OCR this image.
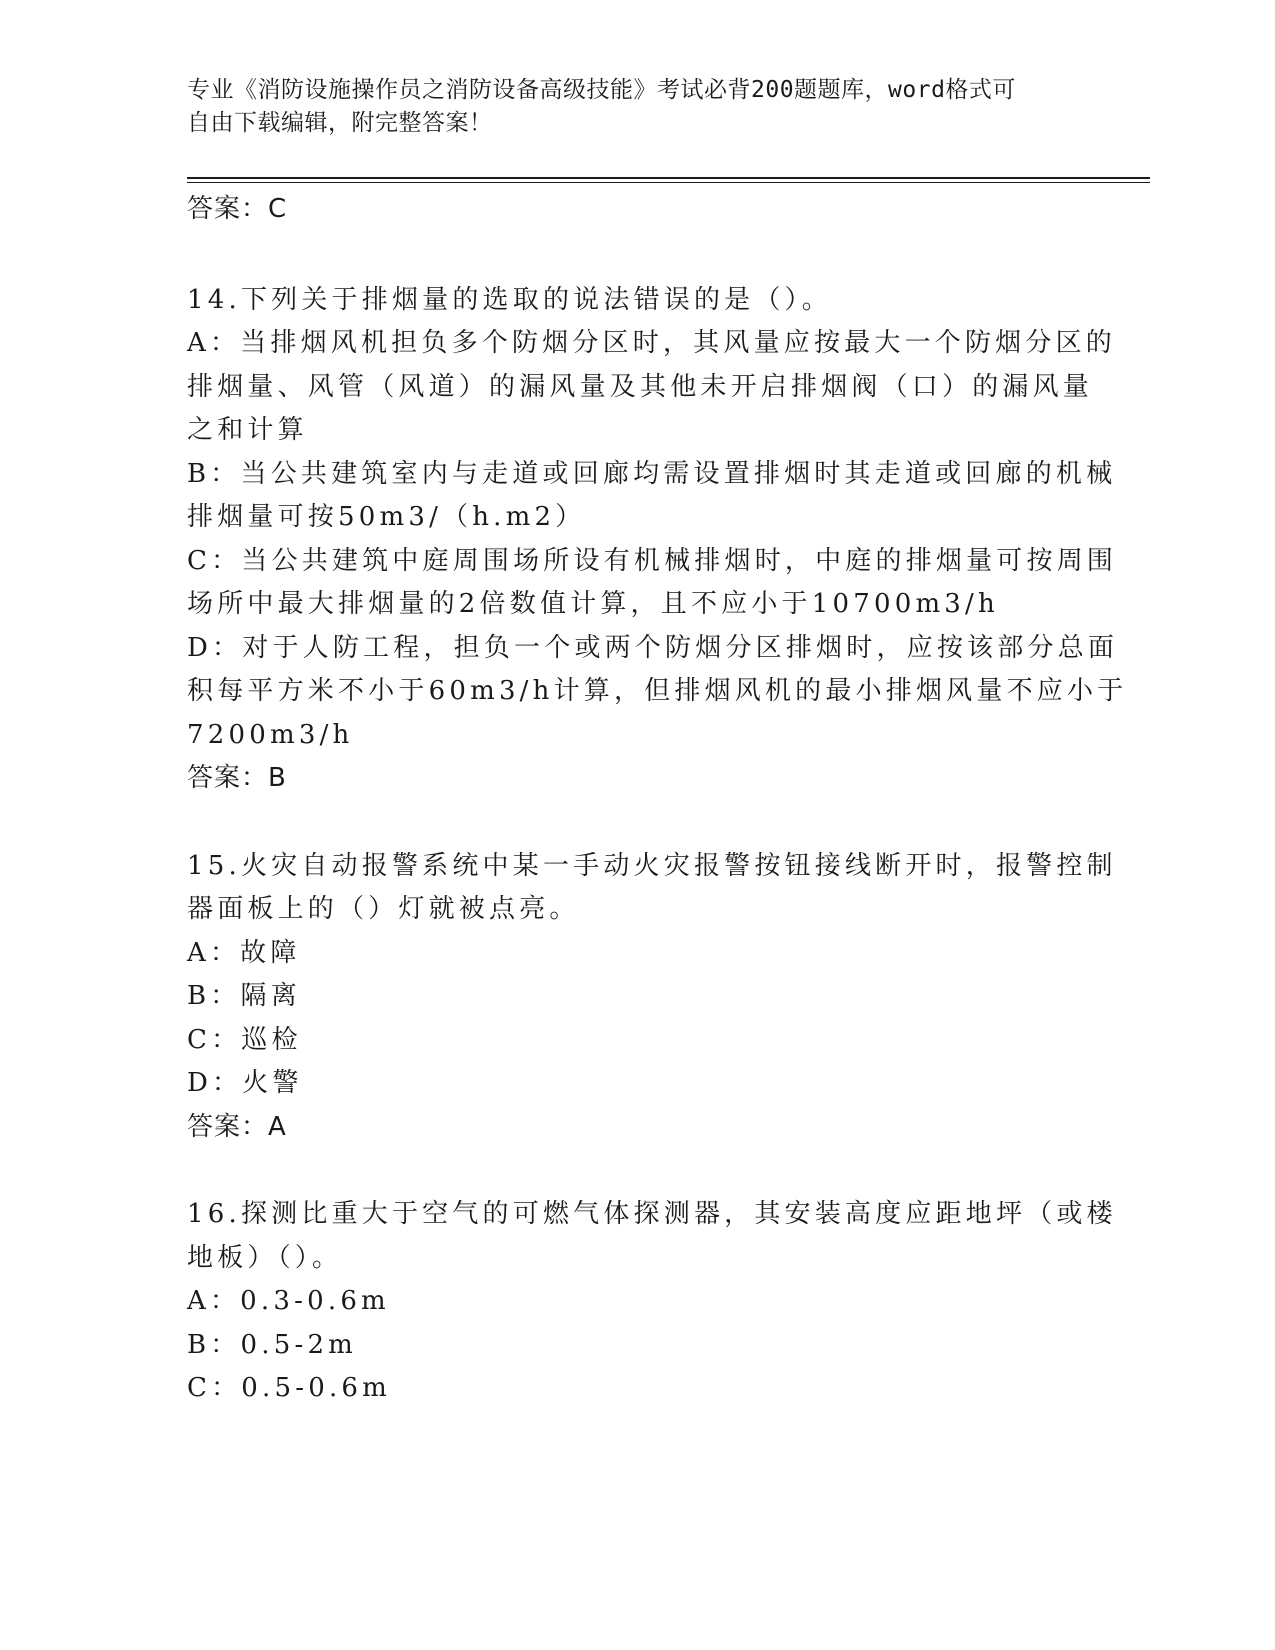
专业《消防设施操作员之消防设备高级技能》考试必背200题题库，word格式可
自由下载编辑，附完整答案！
答案：C
14.下列关于排烟量的选取的说法错误的是（）。
A：当排烟风机担负多个防烟分区时，其风量应按最大一个防烟分区的
排烟量、风管（风道）的漏风量及其他未开启排烟阀（口）的漏风量
之和计算
B：当公共建筑室内与走道或回廊均需设置排烟时其走道或回廊的机械
排烟量可按50m3/（h.m2）
C：当公共建筑中庭周围场所设有机械排烟时，中庭的排烟量可按周围
场所中最大排烟量的2倍数值计算，且不应小于10700m3/h
D：对于人防工程，担负一个或两个防烟分区排烟时，应按该部分总面
积每平方米不小于60m3/h计算，但排烟风机的最小排烟风量不应小于
7200m3/h
答案：B
15.火灾自动报警系统中某一手动火灾报警按钮接线断开时，报警控制
器面板上的（）灯就被点亮。
A：故障
B：隔离
C：巡检
D：火警
答案：A
16.探测比重大于空气的可燃气体探测器，其安装高度应距地坪（或楼
地板）（）。
A：0.3-0.6m
B：0.5-2m
C：0.5-0.6m
